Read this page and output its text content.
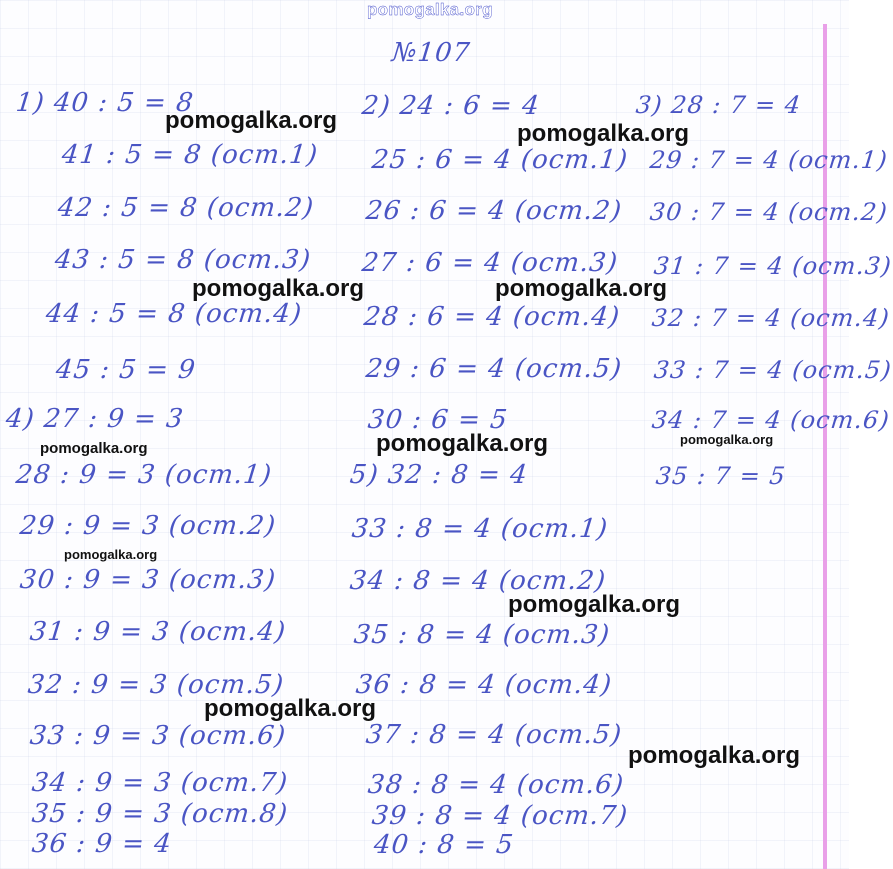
pomogalka.org
№107
1) 40 : 5 = 8
41 : 5 = 8 (ост.1)
42 : 5 = 8 (ост.2)
43 : 5 = 8 (ост.3)
44 : 5 = 8 (ост.4)
45 : 5 = 9
2) 24 : 6 = 4
25 : 6 = 4 (ост.1)
26 : 6 = 4 (ост.2)
27 : 6 = 4 (ост.3)
28 : 6 = 4 (ост.4)
29 : 6 = 4 (ост.5)
30 : 6 = 5
3) 28 : 7 = 4
29 : 7 = 4 (ост.1)
30 : 7 = 4 (ост.2)
31 : 7 = 4 (ост.3)
32 : 7 = 4 (ост.4)
33 : 7 = 4 (ост.5)
34 : 7 = 4 (ост.6)
35 : 7 = 5
4) 27 : 9 = 3
28 : 9 = 3 (ост.1)
29 : 9 = 3 (ост.2)
30 : 9 = 3 (ост.3)
31 : 9 = 3 (ост.4)
32 : 9 = 3 (ост.5)
33 : 9 = 3 (ост.6)
34 : 9 = 3 (ост.7)
35 : 9 = 3 (ост.8)
36 : 9 = 4
5) 32 : 8 = 4
33 : 8 = 4 (ост.1)
34 : 8 = 4 (ост.2)
35 : 8 = 4 (ост.3)
36 : 8 = 4 (ост.4)
37 : 8 = 4 (ост.5)
38 : 8 = 4 (ост.6)
39 : 8 = 4 (ост.7)
40 : 8 = 5
pomogalka.org	pomogalka.org
pomogalka.org	pomogalka.org
pomogalka.org	pomogalka.org	pomogalka.org
pomogalka.org
pomogalka.org
pomogalka.org
pomogalka.org
